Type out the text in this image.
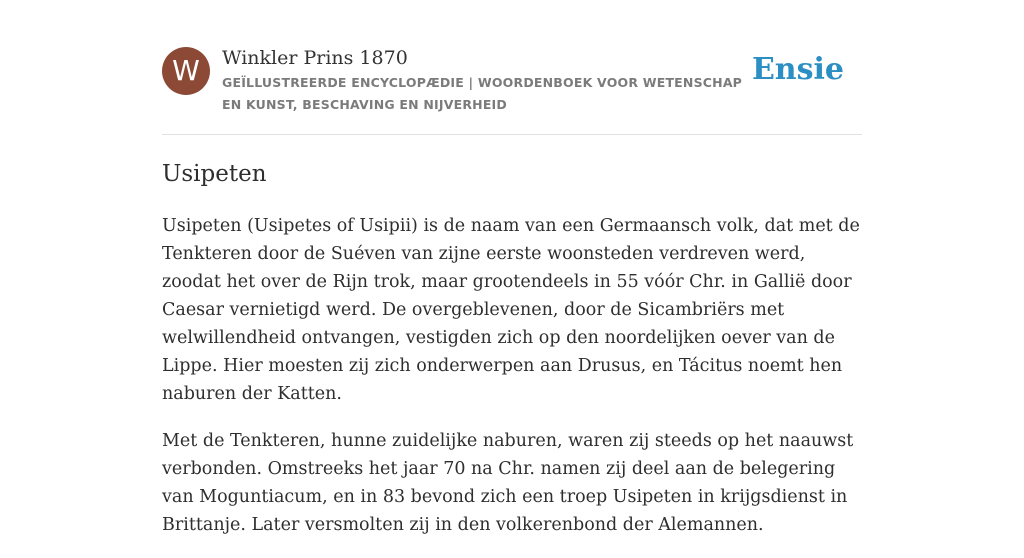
W	Winkler Prins 1870
GEÏLLUSTREERDE ENCYCLOPÆDIE | WOORDENBOEK VOOR WETENSCHAP EN KUNST, BESCHAVING EN NIJVERHEID
Ensie
Usipeten

Usipeten (Usipetes of Usipii) is de naam van een Germaansch volk, dat met de Tenkteren door de Suéven van zijne eerste woonsteden verdreven werd, zoodat het over de Rijn trok, maar grootendeels in 55 vóór Chr. in Gallië door Caesar vernietigd werd. De overgeblevenen, door de Sicambriërs met welwillendheid ontvangen, vestigden zich op den noordelijken oever van de Lippe. Hier moesten zij zich onderwerpen aan Drusus, en Tácitus noemt hen naburen der Katten.

Met de Tenkteren, hunne zuidelijke naburen, waren zij steeds op het naauwst verbonden. Omstreeks het jaar 70 na Chr. namen zij deel aan de belegering van Moguntiacum, en in 83 bevond zich een troep Usipeten in krijgsdienst in Brittanje. Later versmolten zij in den volkerenbond der Alemannen.
